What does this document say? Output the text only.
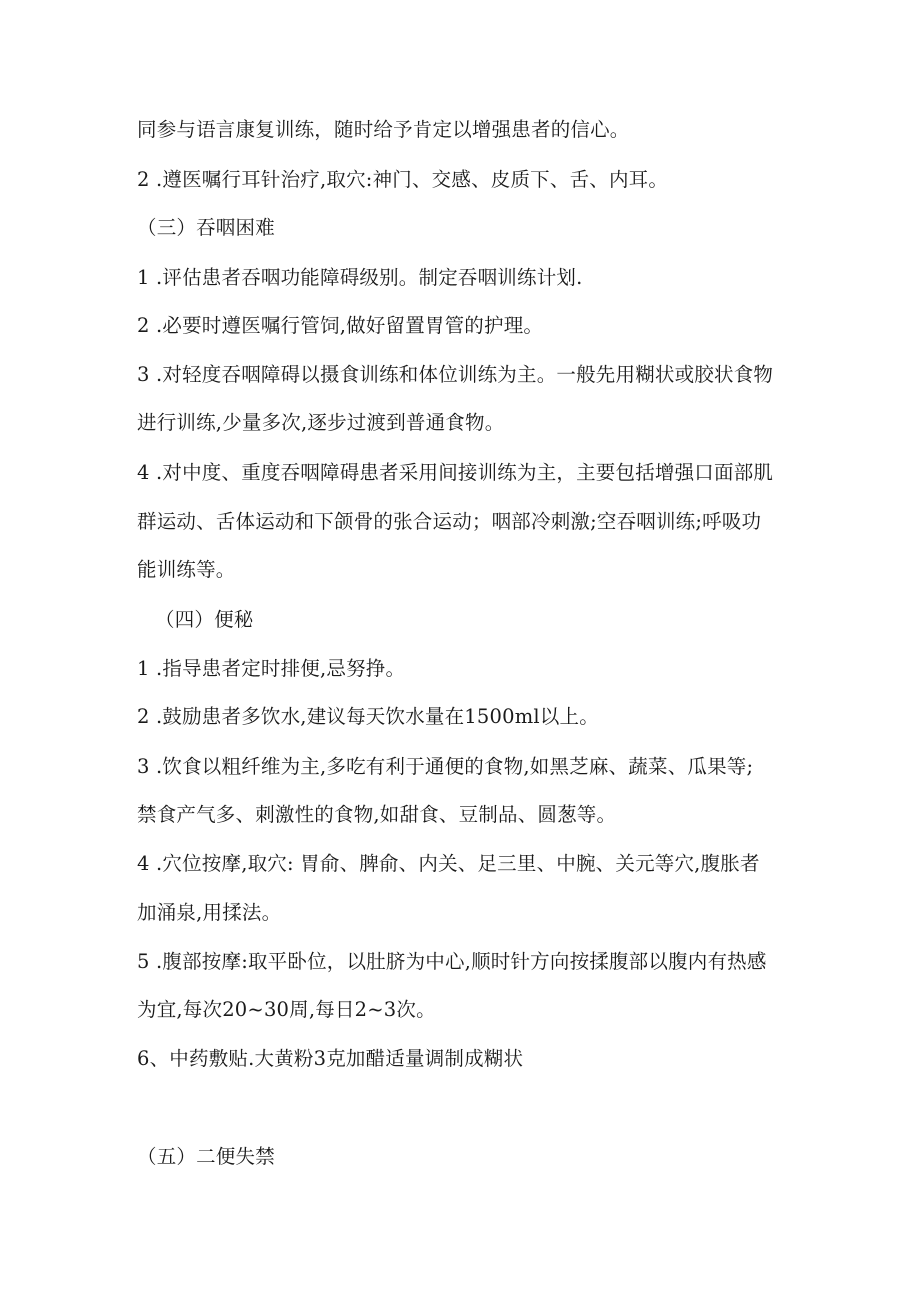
同参与语言康复训练，随时给予肯定以增强患者的信心。
2 .遵医嘱行耳针治疗,取穴:神门、交感、皮质下、舌、内耳。
（三）吞咽困难
1 .评估患者吞咽功能障碍级别。制定吞咽训练计划.
2 .必要时遵医嘱行管饲,做好留置胃管的护理。
3 .对轻度吞咽障碍以摄食训练和体位训练为主。一般先用糊状或胶状食物
进行训练,少量多次,逐步过渡到普通食物。
4 .对中度、重度吞咽障碍患者采用间接训练为主，主要包括增强口面部肌
群运动、舌体运动和下颌骨的张合运动；咽部冷刺激;空吞咽训练;呼吸功
能训练等。
（四）便秘
1 .指导患者定时排便,忌努挣。
2 .鼓励患者多饮水,建议每天饮水量在1500ml以上。
3 .饮食以粗纤维为主,多吃有利于通便的食物,如黑芝麻、蔬菜、瓜果等;
禁食产气多、刺激性的食物,如甜食、豆制品、圆葱等。
4 .穴位按摩,取穴: 胃俞、脾俞、内关、足三里、中腕、关元等穴,腹胀者
加涌泉,用揉法。
5 .腹部按摩:取平卧位，以肚脐为中心,顺时针方向按揉腹部以腹内有热感
为宜,每次20~30周,每日2~3次。
6、中药敷贴.大黄粉3克加醋适量调制成糊状
（五）二便失禁
